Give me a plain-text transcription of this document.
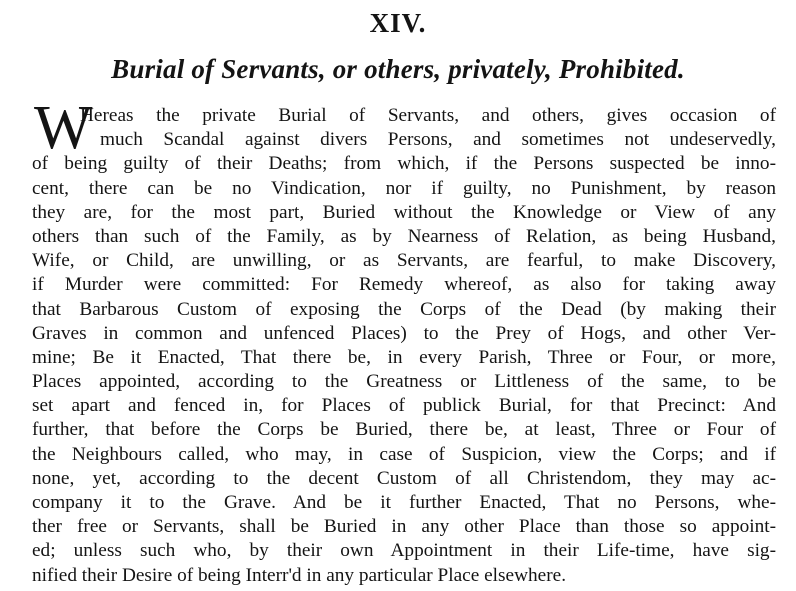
XIV.
Burial of Servants, or others, privately, Prohibited.
W
Hereas the private Burial of Servants, and others, gives occasion of
much Scandal against divers Persons, and sometimes not undeservedly,
of being guilty of their Deaths; from which, if the Persons suspected be inno-
cent, there can be no Vindication, nor if guilty, no Punishment, by reason
they are, for the most part, Buried without the Knowledge or View of any
others than such of the Family, as by Nearness of Relation, as being Husband,
Wife, or Child, are unwilling, or as Servants, are fearful, to make Discovery,
if Murder were committed: For Remedy whereof, as also for taking away
that Barbarous Custom of exposing the Corps of the Dead (by making their
Graves in common and unfenced Places) to the Prey of Hogs, and other Ver-
mine; Be it Enacted, That there be, in every Parish, Three or Four, or more,
Places appointed, according to the Greatness or Littleness of the same, to be
set apart and fenced in, for Places of publick Burial, for that Precinct: And
further, that before the Corps be Buried, there be, at least, Three or Four of
the Neighbours called, who may, in case of Suspicion, view the Corps; and if
none, yet, according to the decent Custom of all Christendom, they may ac-
company it to the Grave. And be it further Enacted, That no Persons, whe-
ther free or Servants, shall be Buried in any other Place than those so appoint-
ed; unless such who, by their own Appointment in their Life-time, have sig-
nified their Desire of being Interr'd in any particular Place elsewhere.
